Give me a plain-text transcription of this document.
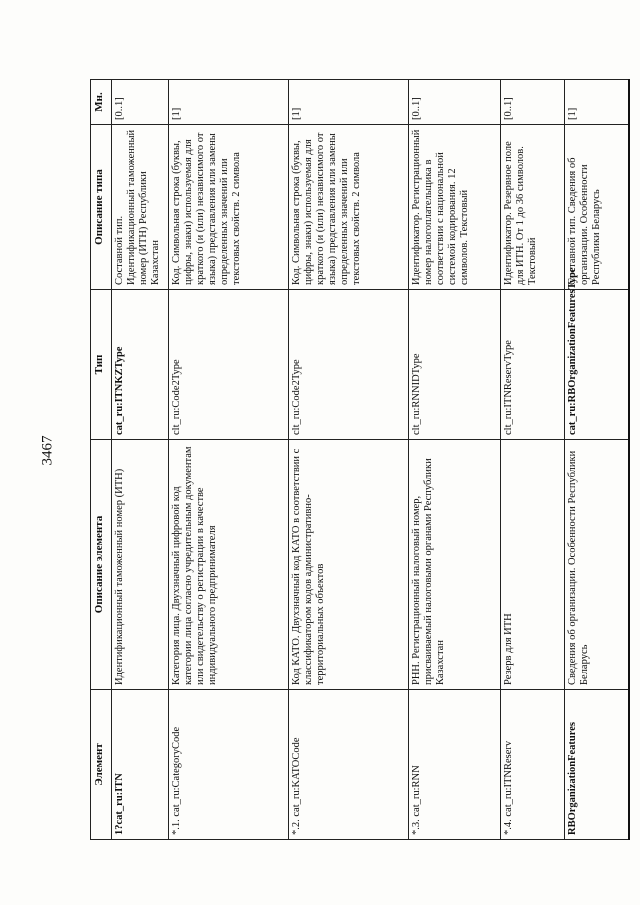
3467
Элемент	Описание элемента	Тип	Описание типа	Мн.
1?cat_ru:ITN	Идентификационный таможенный номер (ИТН)	cat_ru:ITNKZType	Составной тип. Идентификационный таможенный номер (ИТН) Республики Казахстан	[0..1]
*.1. cat_ru:CategoryCode	Категория лица. Двухзначный цифровой код категории лица согласно учредительным документам или свидетельству о регистрации в качестве индивидуального предпринимателя	clt_ru:Code2Type	Код. Символьная строка (буквы, цифры, знаки) используемая для краткого (и (или) независимого от языка) представления или замены определенных значений или текстовых свойств. 2 символа	[1]
*.2. cat_ru:KATOCode	Код КАТО. Двухзначный код КАТО в соответствии с классификатором кодов административно-территориальных объектов	clt_ru:Code2Type	Код. Символьная строка (буквы, цифры, знаки) используемая для краткого (и (или) независимого от языка) представления или замены определенных значений или текстовых свойств. 2 символа	[1]
*.3. cat_ru:RNN	РНН. Регистрационный налоговый номер, присваиваемый налоговыми органами Республики Казахстан	clt_ru:RNNIDType	Идентификатор. Регистрационный номер налогоплательщика в соответствии с национальной системой кодирования. 12 символов. Текстовый	[0..1]
*.4. cat_ru:ITNReserv	Резерв для ИТН	clt_ru:ITNReservType	Идентификатор. Резервное поле для ИТН. От 1 до 36 символов. Текстовый	[0..1]
RBOrganizationFeatures	Сведения об организации. Особенности Республики Беларусь	cat_ru:RBOrganizationFeaturesType	Составной тип. Сведения об организации. Особенности Республики Беларусь	[1]
